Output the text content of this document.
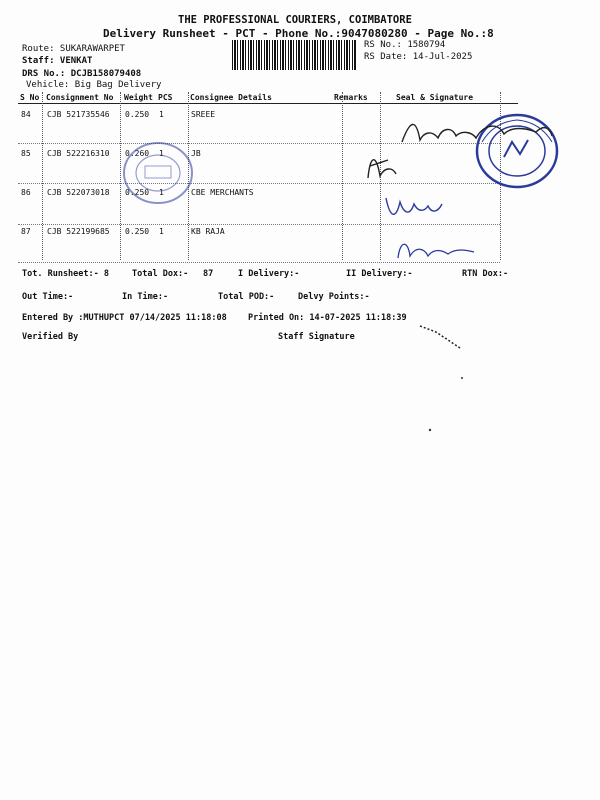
THE PROFESSIONAL COURIERS, COIMBATORE
Delivery Runsheet - PCT - Phone No.:9047080280 - Page No.:8
Route: SUKARAWARPET
Staff: VENKAT
DRS No.: DCJB158079408
Vehicle: Big Bag Delivery
RS No.: 1580794
RS Date: 14-Jul-2025
S No	Consignment No	Weight	PCS	Consignee Details	Remarks	Seal & Signature
84	CJB 521735546	0.250	1	SREEE		
85	CJB 522216310	0.260	1	JB		
86	CJB 522073018	0.250	1	CBE MERCHANTS		
87	CJB 522199685	0.250	1	KB RAJA		
Tot. Runsheet:- 8	Total Dox:- 87	I Delivery:-	II Delivery:-	RTN Dox:-
Out Time:-	In Time:-	Total POD:-	Delvy Points:-
Entered By :MUTHUPCT 07/14/2025 11:18:08	Printed On: 14-07-2025 11:18:39
Verified By	Staff Signature
